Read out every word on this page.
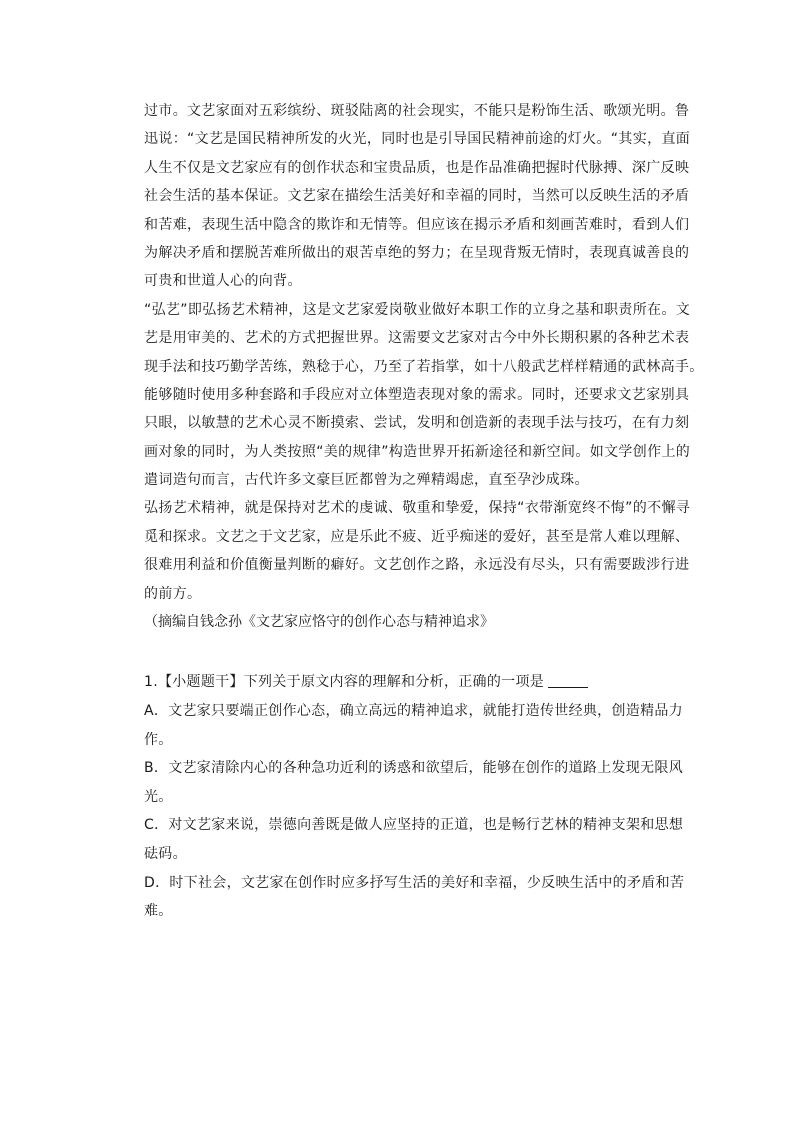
过市。文艺家面对五彩缤纷、斑驳陆离的社会现实，不能只是粉饰生活、歌颂光明。鲁
迅说：“文艺是国民精神所发的火光，同时也是引导国民精神前途的灯火。“其实，直面
人生不仅是文艺家应有的创作状态和宝贵品质，也是作品准确把握时代脉搏、深广反映
社会生活的基本保证。文艺家在描绘生活美好和幸福的同时，当然可以反映生活的矛盾
和苦难，表现生活中隐含的欺诈和无情等。但应该在揭示矛盾和刻画苦难时，看到人们
为解决矛盾和摆脱苦难所做出的艰苦卓绝的努力；在呈现背叛无情时，表现真诚善良的
可贵和世道人心的向背。
“弘艺”即弘扬艺术精神，这是文艺家爱岗敬业做好本职工作的立身之基和职责所在。文
艺是用审美的、艺术的方式把握世界。这需要文艺家对古今中外长期积累的各种艺术表
现手法和技巧勤学苦练，熟稔于心，乃至了若指掌，如十八般武艺样样精通的武林高手。
能够随时使用多种套路和手段应对立体塑造表现对象的需求。同时，还要求文艺家别具
只眼，以敏慧的艺术心灵不断摸索、尝试，发明和创造新的表现手法与技巧，在有力刻
画对象的同时，为人类按照“美的规律”构造世界开拓新途径和新空间。如文学创作上的
遣词造句而言，古代许多文豪巨匠都曾为之殚精竭虑，直至孕沙成珠。
弘扬艺术精神，就是保持对艺术的虔诚、敬重和挚爱，保持“衣带渐宽终不悔”的不懈寻
觅和探求。文艺之于文艺家，应是乐此不疲、近乎痴迷的爱好，甚至是常人难以理解、
很难用利益和价值衡量判断的癖好。文艺创作之路，永远没有尽头，只有需要跋涉行进
的前方。
（摘编自钱念孙《文艺家应恪守的创作心态与精神追求》
1.【小题题干】下列关于原文内容的理解和分析，正确的一项是
A．文艺家只要端正创作心态，确立高远的精神追求，就能打造传世经典，创造精品力
作。
B．文艺家清除内心的各种急功近利的诱惑和欲望后，能够在创作的道路上发现无限风
光。
C．对文艺家来说，崇德向善既是做人应坚持的正道，也是畅行艺林的精神支架和思想
砝码。
D．时下社会，文艺家在创作时应多抒写生活的美好和幸福，少反映生活中的矛盾和苦
难。
